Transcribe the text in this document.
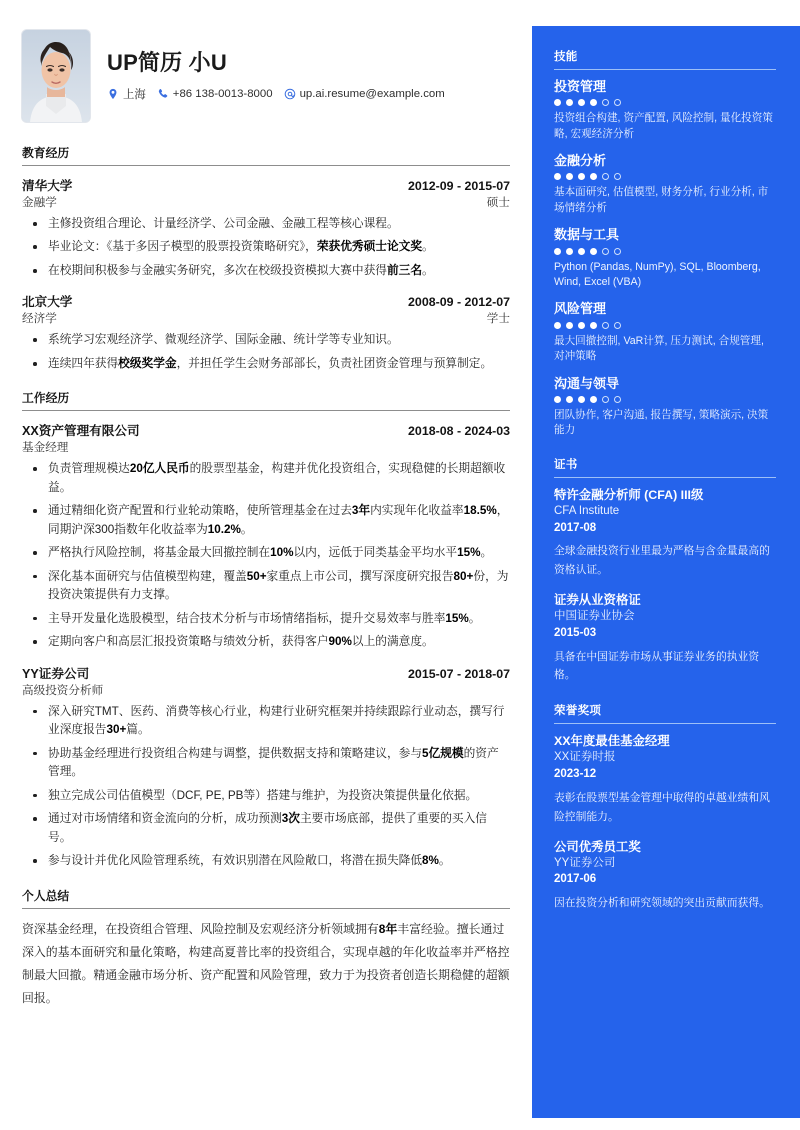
UP简历 小U
上海 +86 138-0013-8000 up.ai.resume@example.com
教育经历
清华大学	2012-09 - 2015-07
金融学	硕士
主修投资组合理论、计量经济学、公司金融、金融工程等核心课程。
毕业论文：《基于多因子模型的股票投资策略研究》，荣获优秀硕士论文奖。
在校期间积极参与金融实务研究，多次在校级投资模拟大赛中获得前三名。
北京大学	2008-09 - 2012-07
经济学	学士
系统学习宏观经济学、微观经济学、国际金融、统计学等专业知识。
连续四年获得校级奖学金，并担任学生会财务部部长，负责社团资金管理与预算制定。
工作经历
XX资产管理有限公司	2018-08 - 2024-03
基金经理
负责管理规模达20亿人民币的股票型基金，构建并优化投资组合，实现稳健的长期超额收益。
通过精细化资产配置和行业轮动策略，使所管理基金在过去3年内实现年化收益率18.5%，同期沪深300指数年化收益率为10.2%。
严格执行风险控制，将基金最大回撤控制在10%以内，远低于同类基金平均水平15%。
深化基本面研究与估值模型构建，覆盖50+家重点上市公司，撰写深度研究报告80+份，为投资决策提供有力支撑。
主导开发量化选股模型，结合技术分析与市场情绪指标，提升交易效率与胜率15%。
定期向客户和高层汇报投资策略与绩效分析，获得客户90%以上的满意度。
YY证券公司	2015-07 - 2018-07
高级投资分析师
深入研究TMT、医药、消费等核心行业，构建行业研究框架并持续跟踪行业动态，撰写行业深度报告30+篇。
协助基金经理进行投资组合构建与调整，提供数据支持和策略建议，参与5亿规模的资产管理。
独立完成公司估值模型（DCF, PE, PB等）搭建与维护，为投资决策提供量化依据。
通过对市场情绪和资金流向的分析，成功预测3次主要市场底部，提供了重要的买入信号。
参与设计并优化风险管理系统，有效识别潜在风险敞口，将潜在损失降低8%。
个人总结
资深基金经理，在投资组合管理、风险控制及宏观经济分析领域拥有8年丰富经验。擅长通过深入的基本面研究和量化策略，构建高夏普比率的投资组合，实现卓越的年化收益率并严格控制最大回撤。精通金融市场分析、资产配置和风险管理，致力于为投资者创造长期稳健的超额回报。
技能
投资管理
投资组合构建, 资产配置, 风险控制, 量化投资策略, 宏观经济分析
金融分析
基本面研究, 估值模型, 财务分析, 行业分析, 市场情绪分析
数据与工具
Python (Pandas, NumPy), SQL, Bloomberg, Wind, Excel (VBA)
风险管理
最大回撤控制, VaR计算, 压力测试, 合规管理, 对冲策略
沟通与领导
团队协作, 客户沟通, 报告撰写, 策略演示, 决策能力
证书
特许金融分析师 (CFA) III级
CFA Institute
2017-08
全球金融投资行业里最为严格与含金量最高的资格认证。
证券从业资格证
中国证券业协会
2015-03
具备在中国证券市场从事证券业务的执业资格。
荣誉奖项
XX年度最佳基金经理
XX证券时报
2023-12
表彰在股票型基金管理中取得的卓越业绩和风险控制能力。
公司优秀员工奖
YY证券公司
2017-06
因在投资分析和研究领域的突出贡献而获得。
